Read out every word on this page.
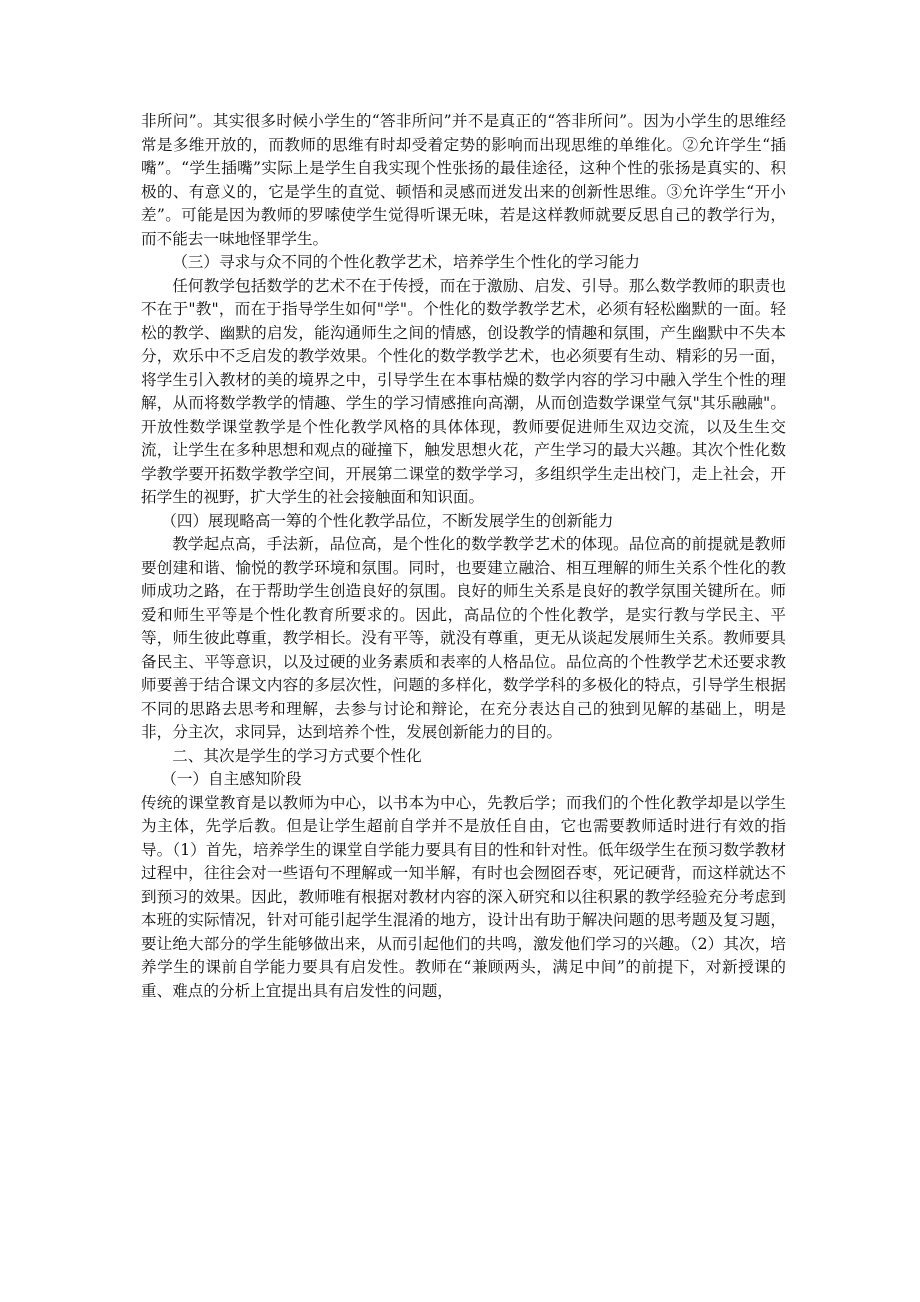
非所问”。其实很多时候小学生的“答非所问”并不是真正的“答非所问”。因为小学生的思维经常是多维开放的，而教师的思维有时却受着定势的影响而出现思维的单维化。②允许学生“插嘴”。“学生插嘴”实际上是学生自我实现个性张扬的最佳途径，这种个性的张扬是真实的、积极的、有意义的，它是学生的直觉、顿悟和灵感而迸发出来的创新性思维。③允许学生“开小差”。可能是因为教师的罗嗦使学生觉得听课无味，若是这样教师就要反思自己的教学行为，而不能去一味地怪罪学生。

（三）寻求与众不同的个性化教学艺术，培养学生个性化的学习能力

任何教学包括数学的艺术不在于传授，而在于激励、启发、引导。那么数学教师的职责也不在于"教"，而在于指导学生如何"学"。个性化的数学教学艺术，必须有轻松幽默的一面。轻松的教学、幽默的启发，能沟通师生之间的情感，创设教学的情趣和氛围，产生幽默中不失本分，欢乐中不乏启发的教学效果。个性化的数学教学艺术，也必须要有生动、精彩的另一面，将学生引入教材的美的境界之中，引导学生在本事枯燥的数学内容的学习中融入学生个性的理解，从而将数学教学的情趣、学生的学习情感推向高潮，从而创造数学课堂气氛"其乐融融"。开放性数学课堂教学是个性化教学风格的具体体现，教师要促进师生双边交流，以及生生交流，让学生在多种思想和观点的碰撞下，触发思想火花，产生学习的最大兴趣。其次个性化数学教学要开拓数学教学空间，开展第二课堂的数学学习，多组织学生走出校门，走上社会，开拓学生的视野，扩大学生的社会接触面和知识面。

（四）展现略高一筹的个性化教学品位，不断发展学生的创新能力

教学起点高，手法新，品位高，是个性化的数学教学艺术的体现。品位高的前提就是教师要创建和谐、愉悦的教学环境和氛围。同时，也要建立融洽、相互理解的师生关系个性化的教师成功之路，在于帮助学生创造良好的氛围。良好的师生关系是良好的教学氛围关键所在。师爱和师生平等是个性化教育所要求的。因此，高品位的个性化教学，是实行教与学民主、平等，师生彼此尊重，教学相长。没有平等，就没有尊重，更无从谈起发展师生关系。教师要具备民主、平等意识，以及过硬的业务素质和表率的人格品位。品位高的个性教学艺术还要求教师要善于结合课文内容的多层次性，问题的多样化，数学学科的多极化的特点，引导学生根据不同的思路去思考和理解，去参与讨论和辩论，在充分表达自己的独到见解的基础上，明是非，分主次，求同异，达到培养个性，发展创新能力的目的。

二、其次是学生的学习方式要个性化

（一）自主感知阶段

传统的课堂教育是以教师为中心，以书本为中心，先教后学；而我们的个性化教学却是以学生为主体，先学后教。但是让学生超前自学并不是放任自由，它也需要教师适时进行有效的指导。（1）首先，培养学生的课堂自学能力要具有目的性和针对性。低年级学生在预习数学教材过程中，往往会对一些语句不理解或一知半解，有时也会囫囵吞枣，死记硬背，而这样就达不到预习的效果。因此，教师唯有根据对教材内容的深入研究和以往积累的教学经验充分考虑到本班的实际情况，针对可能引起学生混淆的地方，设计出有助于解决问题的思考题及复习题，要让绝大部分的学生能够做出来，从而引起他们的共鸣，激发他们学习的兴趣。（2）其次，培养学生的课前自学能力要具有启发性。教师在“兼顾两头，满足中间”的前提下，对新授课的重、难点的分析上宜提出具有启发性的问题，
